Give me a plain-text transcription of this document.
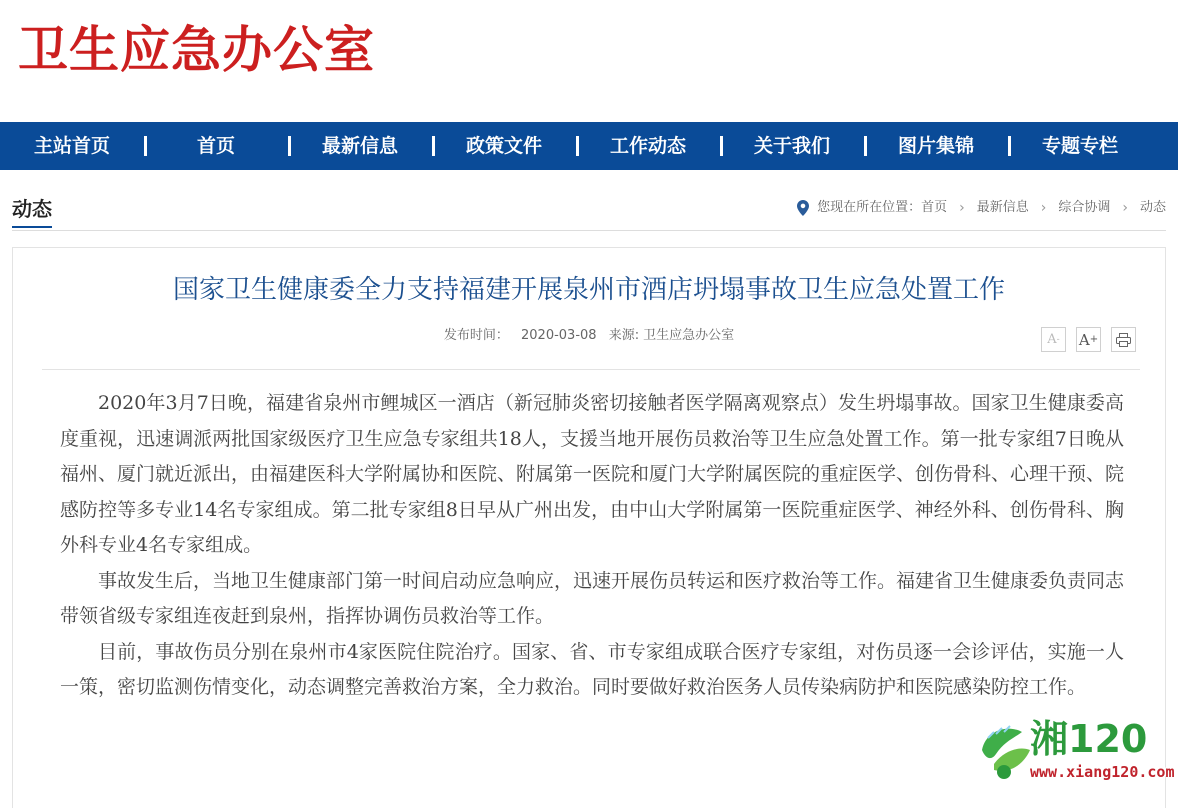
卫生应急办公室
主站首页	首页	最新信息	政策文件	工作动态	关于我们	图片集锦	专题专栏
动态	您现在所在位置： 首页 › 最新信息 › 综合协调 › 动态
国家卫生健康委全力支持福建开展泉州市酒店坍塌事故卫生应急处置工作
发布时间： 2020-03-08 来源: 卫生应急办公室	A - A +

2020年3月7日晚，福建省泉州市鲤城区一酒店（新冠肺炎密切接触者医学隔离观察点）发生坍塌事故。国家卫生健康委高度重视，迅速调派两批国家级医疗卫生应急专家组共18人，支援当地开展伤员救治等卫生应急处置工作。第一批专家组7日晚从福州、厦门就近派出，由福建医科大学附属协和医院、附属第一医院和厦门大学附属医院的重症医学、创伤骨科、心理干预、院感防控等多专业14名专家组成。第二批专家组8日早从广州出发，由中山大学附属第一医院重症医学、神经外科、创伤骨科、胸外科专业4名专家组成。

事故发生后，当地卫生健康部门第一时间启动应急响应，迅速开展伤员转运和医疗救治等工作。福建省卫生健康委负责同志带领省级专家组连夜赶到泉州，指挥协调伤员救治等工作。

目前，事故伤员分别在泉州市4家医院住院治疗。国家、省、市专家组成联合医疗专家组，对伤员逐一会诊评估，实施一人一策，密切监测伤情变化，动态调整完善救治方案，全力救治。同时要做好救治医务人员传染病防护和医院感染防控工作。

湘120
www.xiang120.com
